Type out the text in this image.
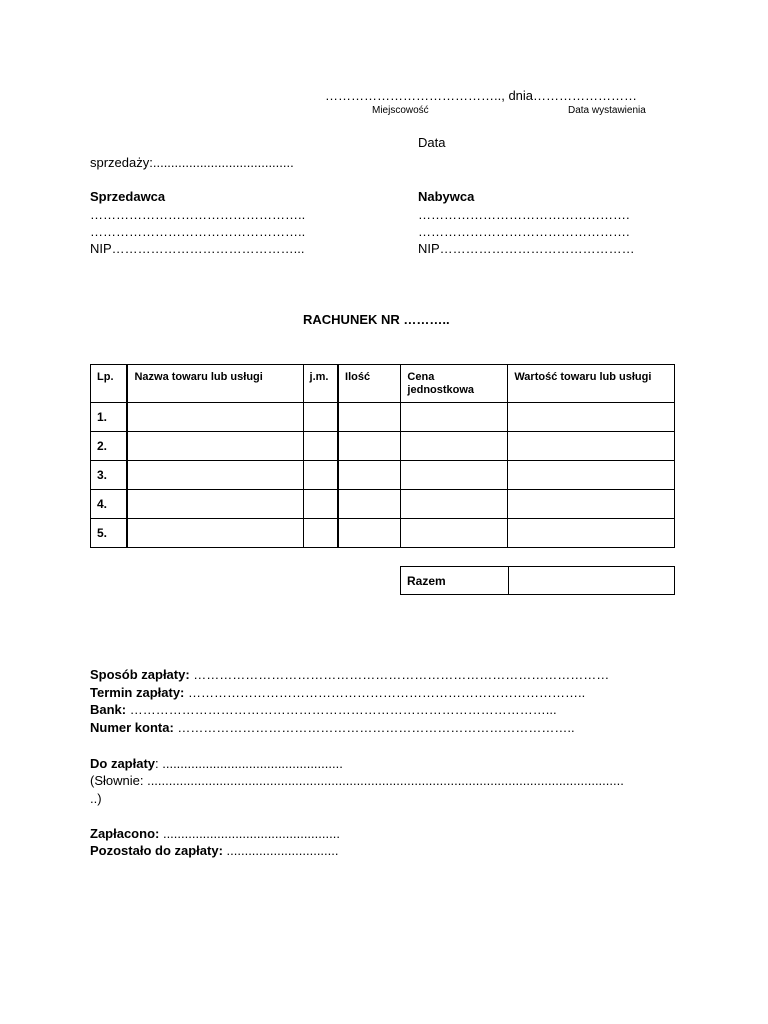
………………………………….., dnia……………………
Miejscowość	Data wystawienia
Data
sprzedaży:.......................................
Sprzedawca
…………………………………………..
…………………………………………..
NIP……………………………………...
Nabywca
………………………………………….
………………………………………….
NIP………………………………………
RACHUNEK NR ………..
Lp.	Nazwa towaru lub usługi	j.m.	Ilość	Cena jednostkowa	Wartość towaru lub usługi
1.					
2.					
3.					
4.					
5.					
Razem	
Sposób zapłaty: ……………………………………………………………………………………
Termin zapłaty: ………………………………………………………………………………..
Bank: ……………………………………………………………………………………...
Numer konta: ………………………………………………………………………………..
Do zapłaty: ..................................................
(Słownie: ....................................................................................................................................
..)
Zapłacono: .................................................
Pozostało do zapłaty: ...............................
